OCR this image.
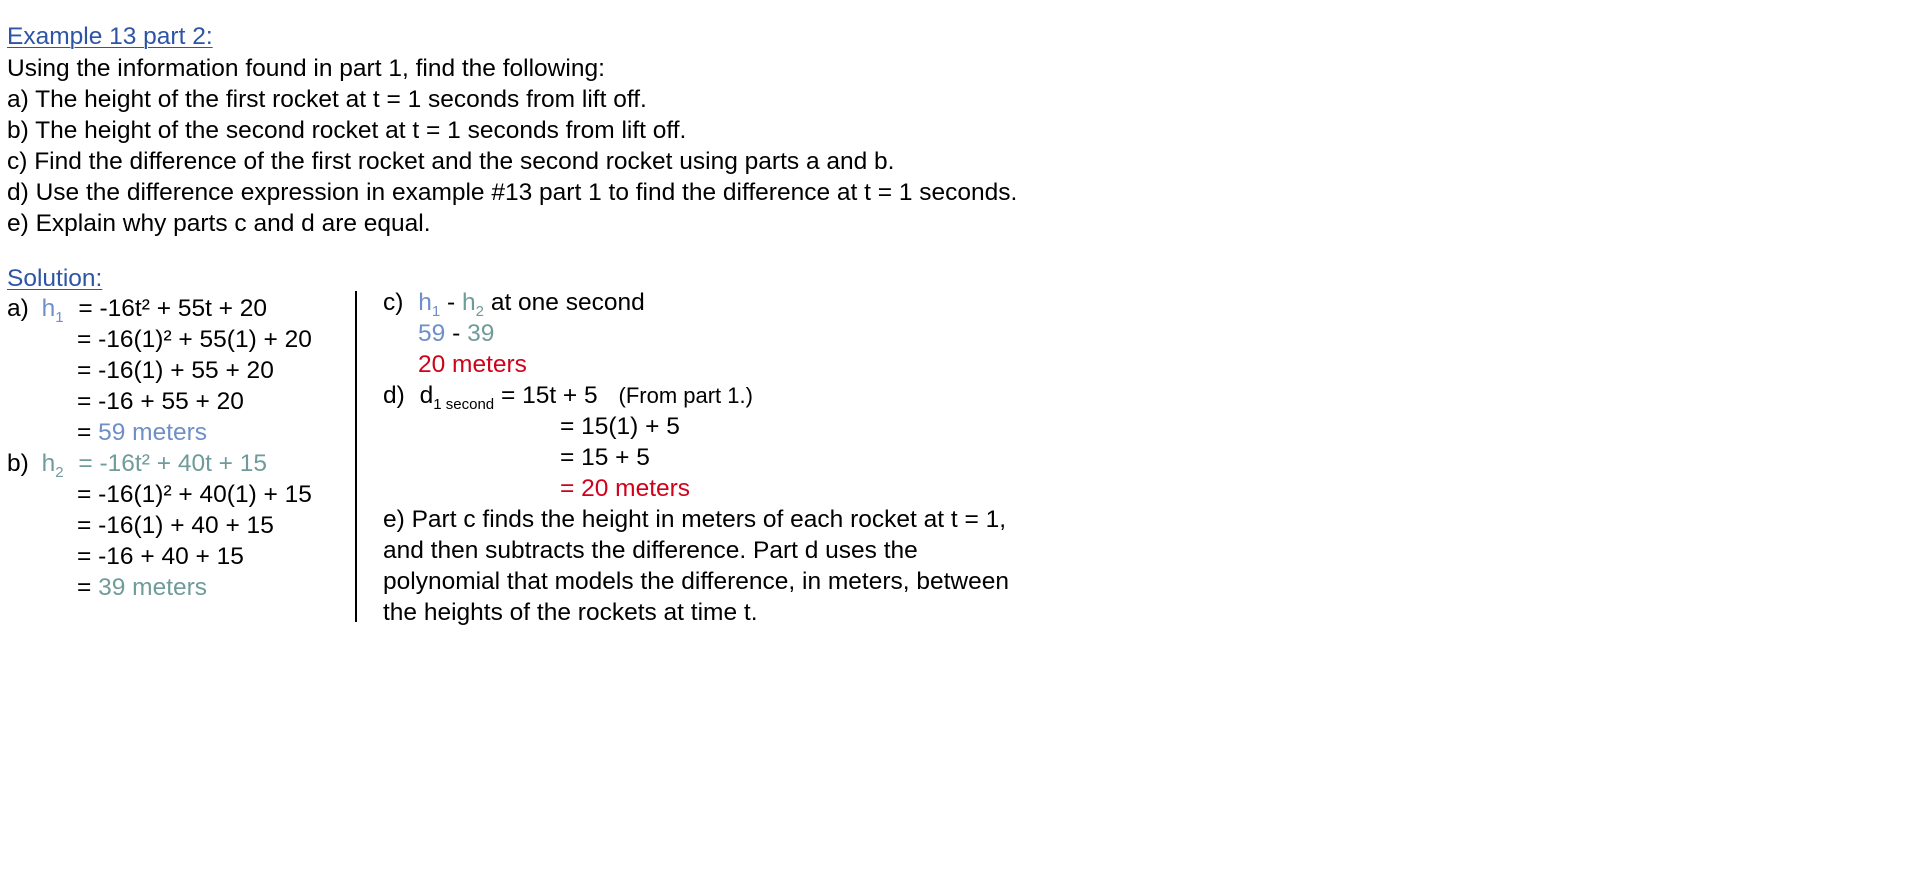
Example 13 part 2:
Using the information found in part 1, find the following:
a) The height of the first rocket at t = 1 seconds from lift off.
b) The height of the second rocket at t = 1 seconds from lift off.
c) Find the difference of the first rocket and the second rocket using parts a and b.
d) Use the difference expression in example #13 part 1 to find the difference at t = 1 seconds.
e) Explain why parts c and d are equal.
Solution:
a) $h_1 = -16t^2 + 55t + 20$
= -16(1)² + 55(1) + 20
= -16(1) + 55 + 20
= -16 + 55 + 20
= 59 meters
b) $h_2 = -16t^2 + 40t + 15$
= -16(1)² + 40(1) + 15
= -16(1) + 40 + 15
= -16 + 40 + 15
= 39 meters
c) $h_1 - h_2$ at one second
59 - 39
20 meters
d) $d_{1 second} = 15t + 5$ (From part 1.)
= 15(1) + 5
= 15 + 5
= 20 meters
e) Part c finds the height in meters of each rocket at t = 1,
and then subtracts the difference. Part d uses the
polynomial that models the difference, in meters, between
the heights of the rockets at time t.
